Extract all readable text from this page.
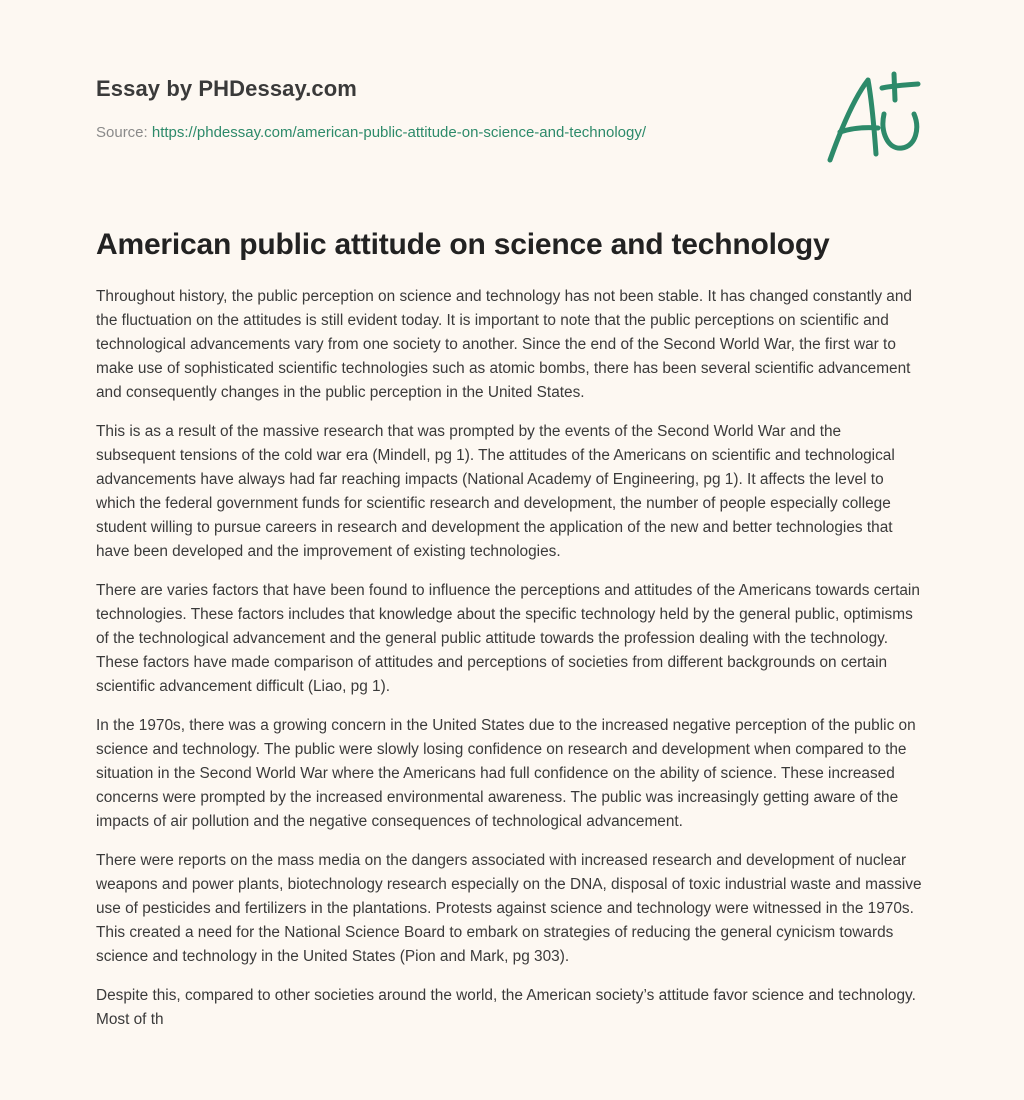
Essay by PHDessay.com
Source: https://phdessay.com/american-public-attitude-on-science-and-technology/
American public attitude on science and technology

Throughout history, the public perception on science and technology has not been stable. It has changed constantly and the fluctuation on the attitudes is still evident today. It is important to note that the public perceptions on scientific and technological advancements vary from one society to another. Since the end of the Second World War, the first war to make use of sophisticated scientific technologies such as atomic bombs, there has been several scientific advancement and consequently changes in the public perception in the United States.

This is as a result of the massive research that was prompted by the events of the Second World War and the subsequent tensions of the cold war era (Mindell, pg 1). The attitudes of the Americans on scientific and technological advancements have always had far reaching impacts (National Academy of Engineering, pg 1). It affects the level to which the federal government funds for scientific research and development, the number of people especially college student willing to pursue careers in research and development the application of the new and better technologies that have been developed and the improvement of existing technologies.

There are varies factors that have been found to influence the perceptions and attitudes of the Americans towards certain technologies. These factors includes that knowledge about the specific technology held by the general public, optimisms of the technological advancement and the general public attitude towards the profession dealing with the technology. These factors have made comparison of attitudes and perceptions of societies from different backgrounds on certain scientific advancement difficult (Liao, pg 1).

In the 1970s, there was a growing concern in the United States due to the increased negative perception of the public on science and technology. The public were slowly losing confidence on research and development when compared to the situation in the Second World War where the Americans had full confidence on the ability of science. These increased concerns were prompted by the increased environmental awareness. The public was increasingly getting aware of the impacts of air pollution and the negative consequences of technological advancement.

There were reports on the mass media on the dangers associated with increased research and development of nuclear weapons and power plants, biotechnology research especially on the DNA, disposal of toxic industrial waste and massive use of pesticides and fertilizers in the plantations. Protests against science and technology were witnessed in the 1970s. This created a need for the National Science Board to embark on strategies of reducing the general cynicism towards science and technology in the United States (Pion and Mark, pg 303).

Despite this, compared to other societies around the world, the American society’s attitude favor science and technology. Most of th
